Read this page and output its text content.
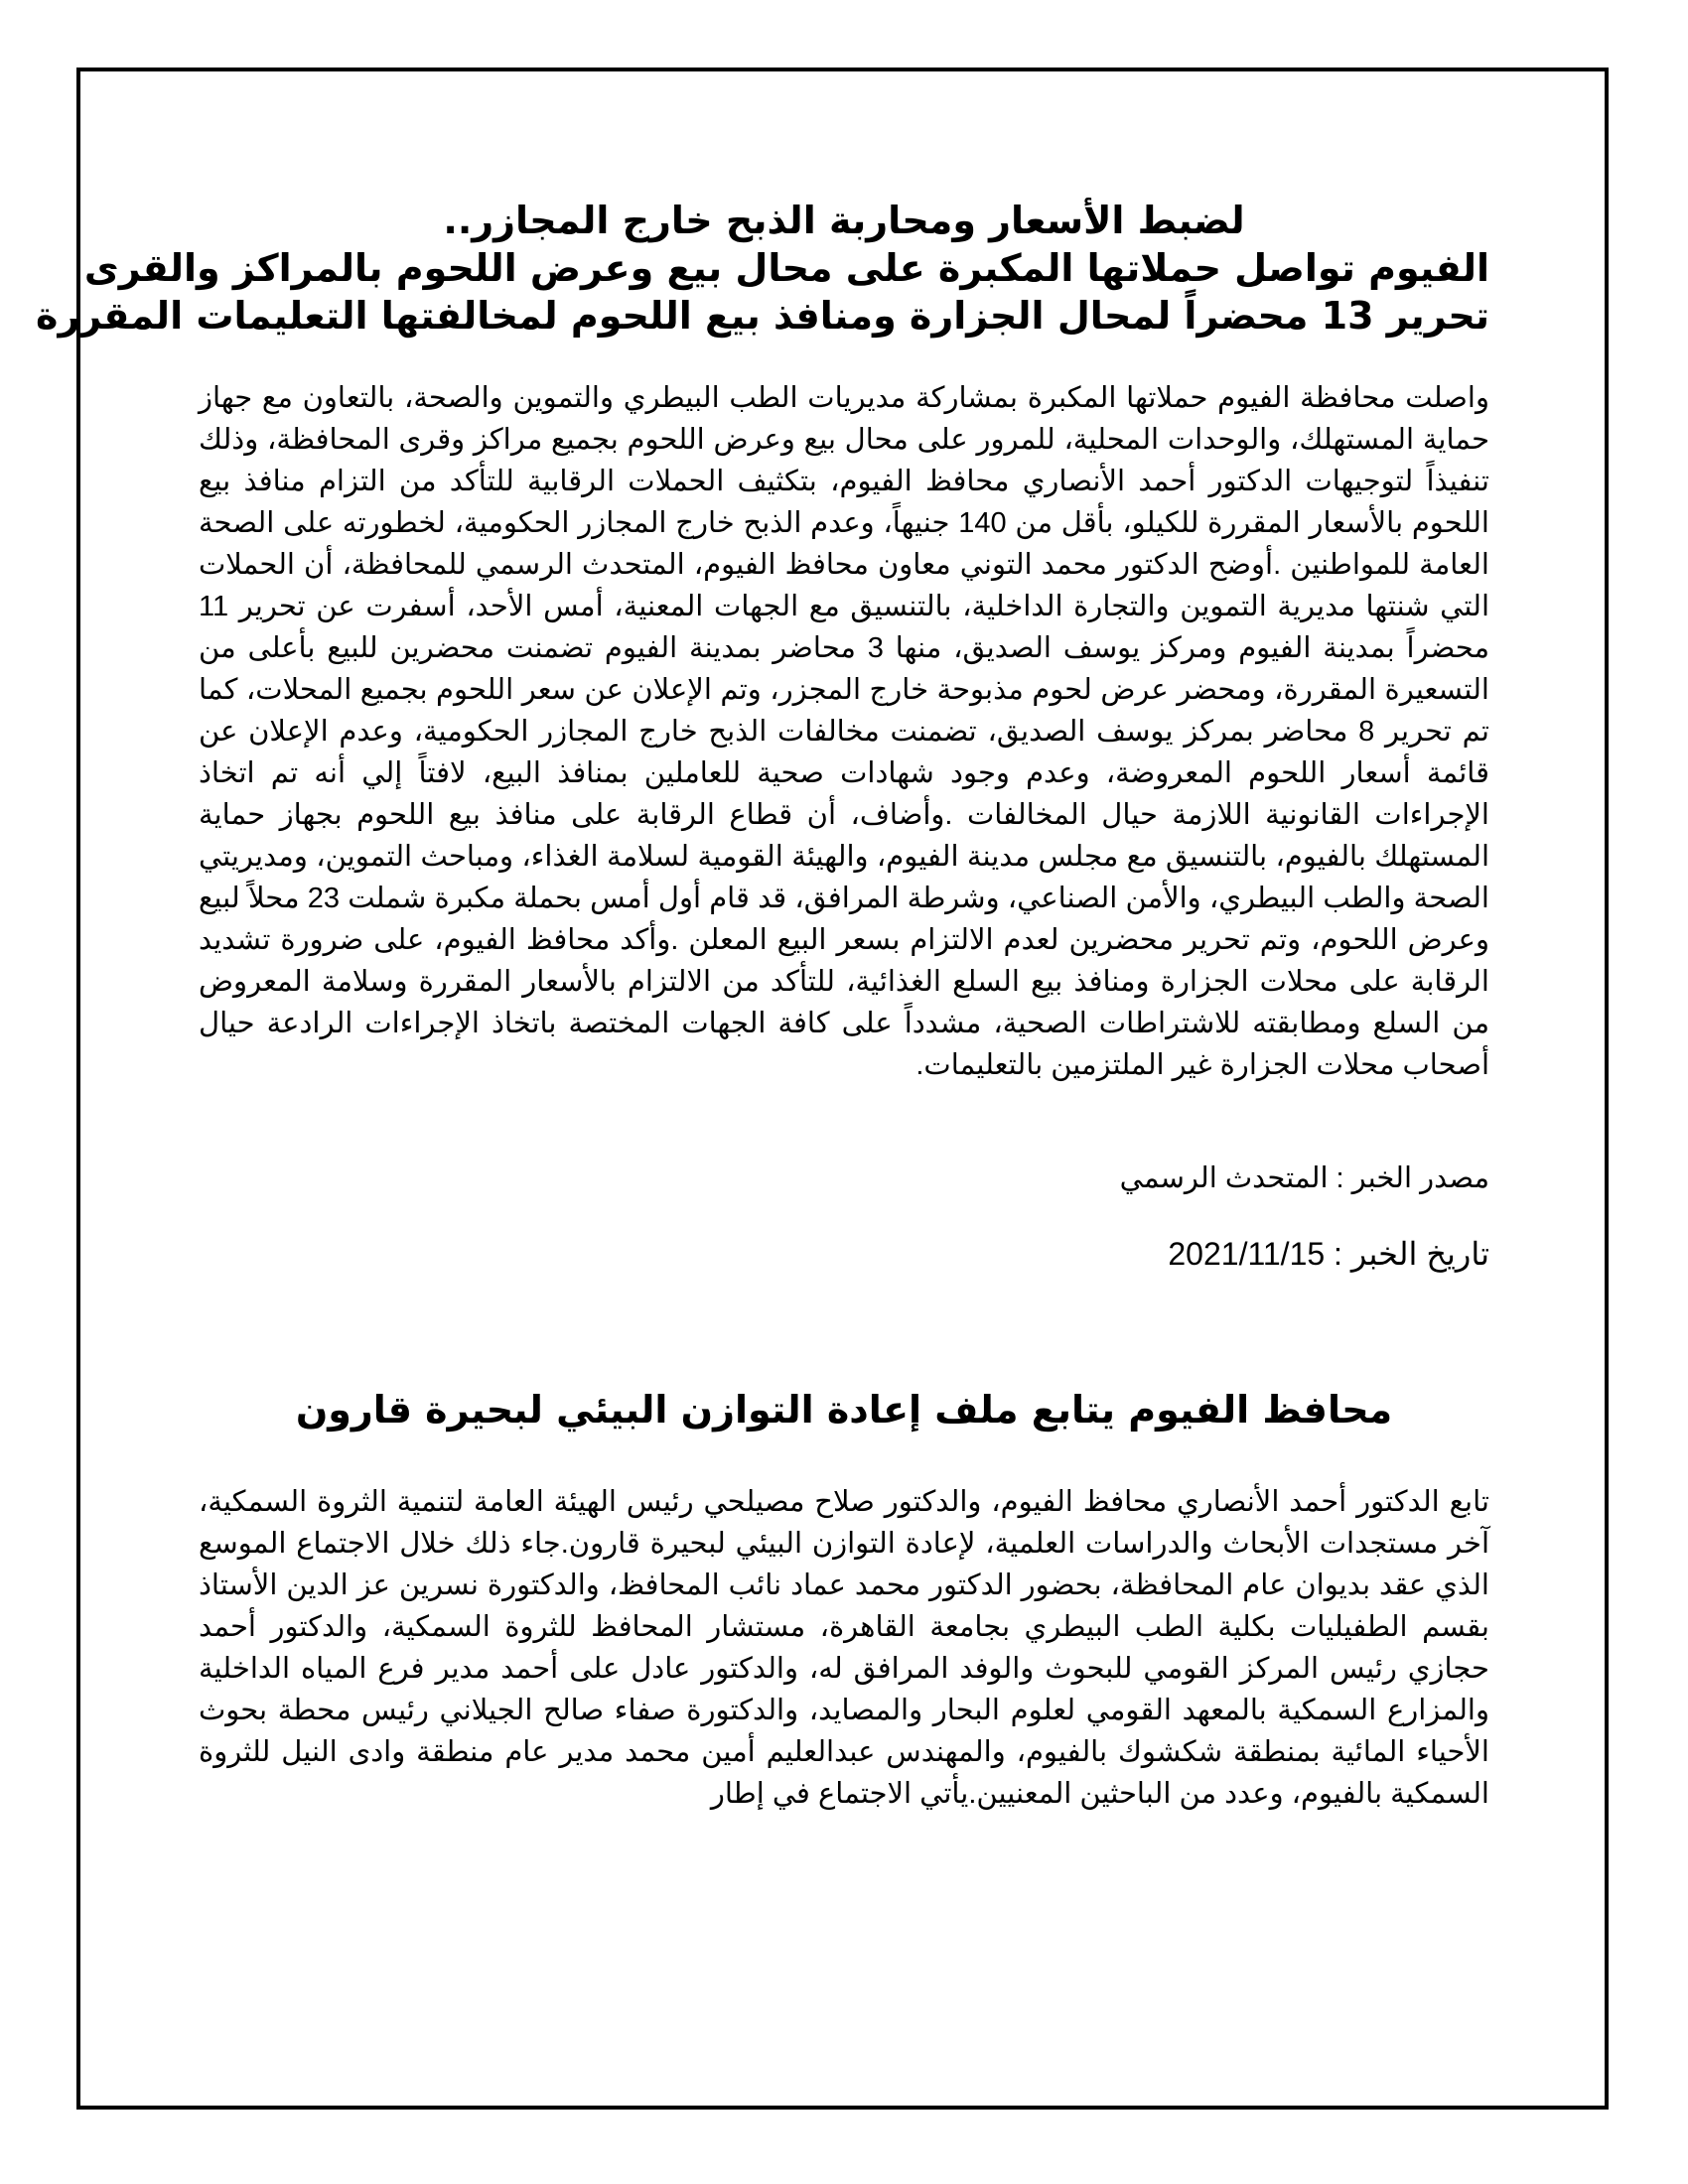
لضبط الأسعار ومحاربة الذبح خارج المجازر..
الفيوم تواصل حملاتها المكبرة على محال بيع وعرض اللحوم بالمراكز والقرى
تحرير 13 محضراً لمحال الجزارة ومنافذ بيع اللحوم لمخالفتها التعليمات المقررة

واصلت محافظة الفيوم حملاتها المكبرة بمشاركة مديريات الطب البيطري والتموين والصحة، بالتعاون مع جهاز حماية المستهلك، والوحدات المحلية، للمرور على محال بيع وعرض اللحوم بجميع مراكز وقرى المحافظة، وذلك تنفيذاً لتوجيهات الدكتور أحمد الأنصاري محافظ الفيوم، بتكثيف الحملات الرقابية للتأكد من التزام منافذ بيع اللحوم بالأسعار المقررة للكيلو، بأقل من 140 جنيهاً، وعدم الذبح خارج المجازر الحكومية، لخطورته على الصحة العامة للمواطنين .أوضح الدكتور محمد التوني معاون محافظ الفيوم، المتحدث الرسمي للمحافظة، أن الحملات التي شنتها مديرية التموين والتجارة الداخلية، بالتنسيق مع الجهات المعنية، أمس الأحد، أسفرت عن تحرير 11 محضراً بمدينة الفيوم ومركز يوسف الصديق، منها 3 محاضر بمدينة الفيوم تضمنت محضرين للبيع بأعلى من التسعيرة المقررة، ومحضر عرض لحوم مذبوحة خارج المجزر، وتم الإعلان عن سعر اللحوم بجميع المحلات، كما تم تحرير 8 محاضر بمركز يوسف الصديق، تضمنت مخالفات الذبح خارج المجازر الحكومية، وعدم الإعلان عن قائمة أسعار اللحوم المعروضة، وعدم وجود شهادات صحية للعاملين بمنافذ البيع، لافتاً إلي أنه تم اتخاذ الإجراءات القانونية اللازمة حيال المخالفات .وأضاف، أن قطاع الرقابة على منافذ بيع اللحوم بجهاز حماية المستهلك بالفيوم، بالتنسيق مع مجلس مدينة الفيوم، والهيئة القومية لسلامة الغذاء، ومباحث التموين، ومديريتي الصحة والطب البيطري، والأمن الصناعي، وشرطة المرافق، قد قام أول أمس بحملة مكبرة شملت 23 محلاً لبيع وعرض اللحوم، وتم تحرير محضرين لعدم الالتزام بسعر البيع المعلن .وأكد محافظ الفيوم، على ضرورة تشديد الرقابة على محلات الجزارة ومنافذ بيع السلع الغذائية، للتأكد من الالتزام بالأسعار المقررة وسلامة المعروض من السلع ومطابقته للاشتراطات الصحية، مشدداً على كافة الجهات المختصة باتخاذ الإجراءات الرادعة حيال أصحاب محلات الجزارة غير الملتزمين بالتعليمات.

مصدر الخبر : المتحدث الرسمي
تاريخ الخبر : 2021/11/15
محافظ الفيوم يتابع ملف إعادة التوازن البيئي لبحيرة قارون

تابع الدكتور أحمد الأنصاري محافظ الفيوم، والدكتور صلاح مصيلحي رئيس الهيئة العامة لتنمية الثروة السمكية، آخر مستجدات الأبحاث والدراسات العلمية، لإعادة التوازن البيئي لبحيرة قارون.جاء ذلك خلال الاجتماع الموسع الذي عقد بديوان عام المحافظة، بحضور الدكتور محمد عماد نائب المحافظ، والدكتورة نسرين عز الدين الأستاذ بقسم الطفيليات بكلية الطب البيطري بجامعة القاهرة، مستشار المحافظ للثروة السمكية، والدكتور أحمد حجازي رئيس المركز القومي للبحوث والوفد المرافق له، والدكتور عادل على أحمد مدير فرع المياه الداخلية والمزارع السمكية بالمعهد القومي لعلوم البحار والمصايد، والدكتورة صفاء صالح الجيلاني رئيس محطة بحوث الأحياء المائية بمنطقة شكشوك بالفيوم، والمهندس عبدالعليم أمين محمد مدير عام منطقة وادى النيل للثروة السمكية بالفيوم، وعدد من الباحثين المعنيين.يأتي الاجتماع في إطار
